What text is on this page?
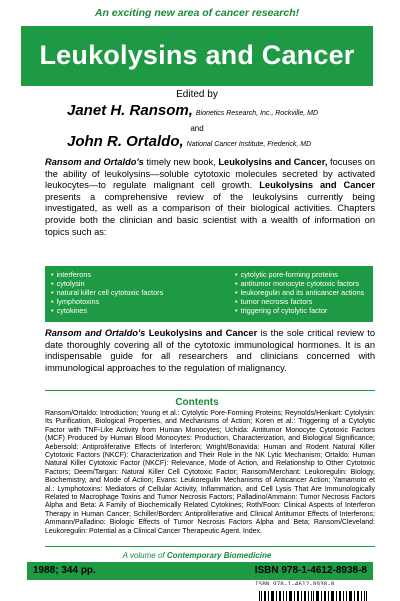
An exciting new area of cancer research!
Leukolysins and Cancer
Edited by
Janet H. Ransom, Bionetics Research, Inc., Rockville, MD
and
John R. Ortaldo, National Cancer Institute, Frederick, MD
Ransom and Ortaldo's timely new book, Leukolysins and Cancer, focuses on the ability of leukolysins—soluble cytotoxic molecules secreted by activated leukocytes—to regulate malignant cell growth. Leukolysins and Cancer presents a comprehensive review of the leukolysins currently being investigated, as well as a comparison of their biological activities. Chapters provide both the clinician and basic scientist with a wealth of information on topics such as:
• interferons
• cytolysin
• natural killer cell cytotoxic factors
• lymphotoxins
• cytokines
• cytolytic pore-forming proteins
• antitumor monocyte cytotoxic factors
• leukoregulin and its anticancer actions
• tumor necrosis factors
• triggering of cytolytic factor
Ransom and Ortaldo's Leukolysins and Cancer is the sole critical review to date thoroughly covering all of the cytotoxic immunological hormones. It is an indispensable guide for all researchers and clinicians concerned with immunological approaches to the regulation of malignancy.
Contents
Ransom/Ortaldo: Introduction; Young et al.: Cytolytic Pore-Forming Proteins; Reynolds/Henkart: Cytolysin: Its Purification, Biological Properties, and Mechanisms of Action; Koren et al.: Triggering of a Cytolytic Factor with TNF-Like Activity from Human Monocytes; Uchida: Antitumor Monocyte Cytotoxic Factors (MCF) Produced by Human Blood Monocytes: Production, Characterization, and Biological Significance; Aebersold: Antiproliferative Effects of Interferon; Wright/Bonavida: Human and Rodent Natural Killer Cytotoxic Factors (NKCF): Characterization and Their Role in the NK Lytic Mechanism; Ortaldo: Human Natural Killer Cytotoxic Factor (NKCF): Relevance, Mode of Action, and Relationship to Other Cytotoxic Factors; Deem/Targan: Natural Killer Cell Cytotoxic Factor; Ransom/Merchant: Leukoregulin: Biology, Biochemistry, and Mode of Action; Evans: Leukoregulin Mechanisms of Anticancer Action; Yamamoto et al.: Lymphotoxins: Mediators of Cellular Activity, Inflammation, and Cell Lysis That Are Immunologically Related to Macrophage Toxins and Tumor Necrosis Factors; Palladino/Ammann: Tumor Necrosis Factors Alpha and Beta: A Family of Biochemically Related Cytokines; Roth/Foon: Clinical Aspects of Interferon Therapy in Human Cancer; Schiller/Borden: Antiproliferative and Clinical Antitumor Effects of Interferons; Ammann/Palladino: Biologic Effects of Tumor Necrosis Factors Alpha and Beta; Ransom/Cleveland: Leukoregulin: Potential as a Clinical Cancer Therapeutic Agent. Index.
A volume of Contemporary Biomedicine
1988; 344 pp.	ISBN 978-1-4612-8938-8
